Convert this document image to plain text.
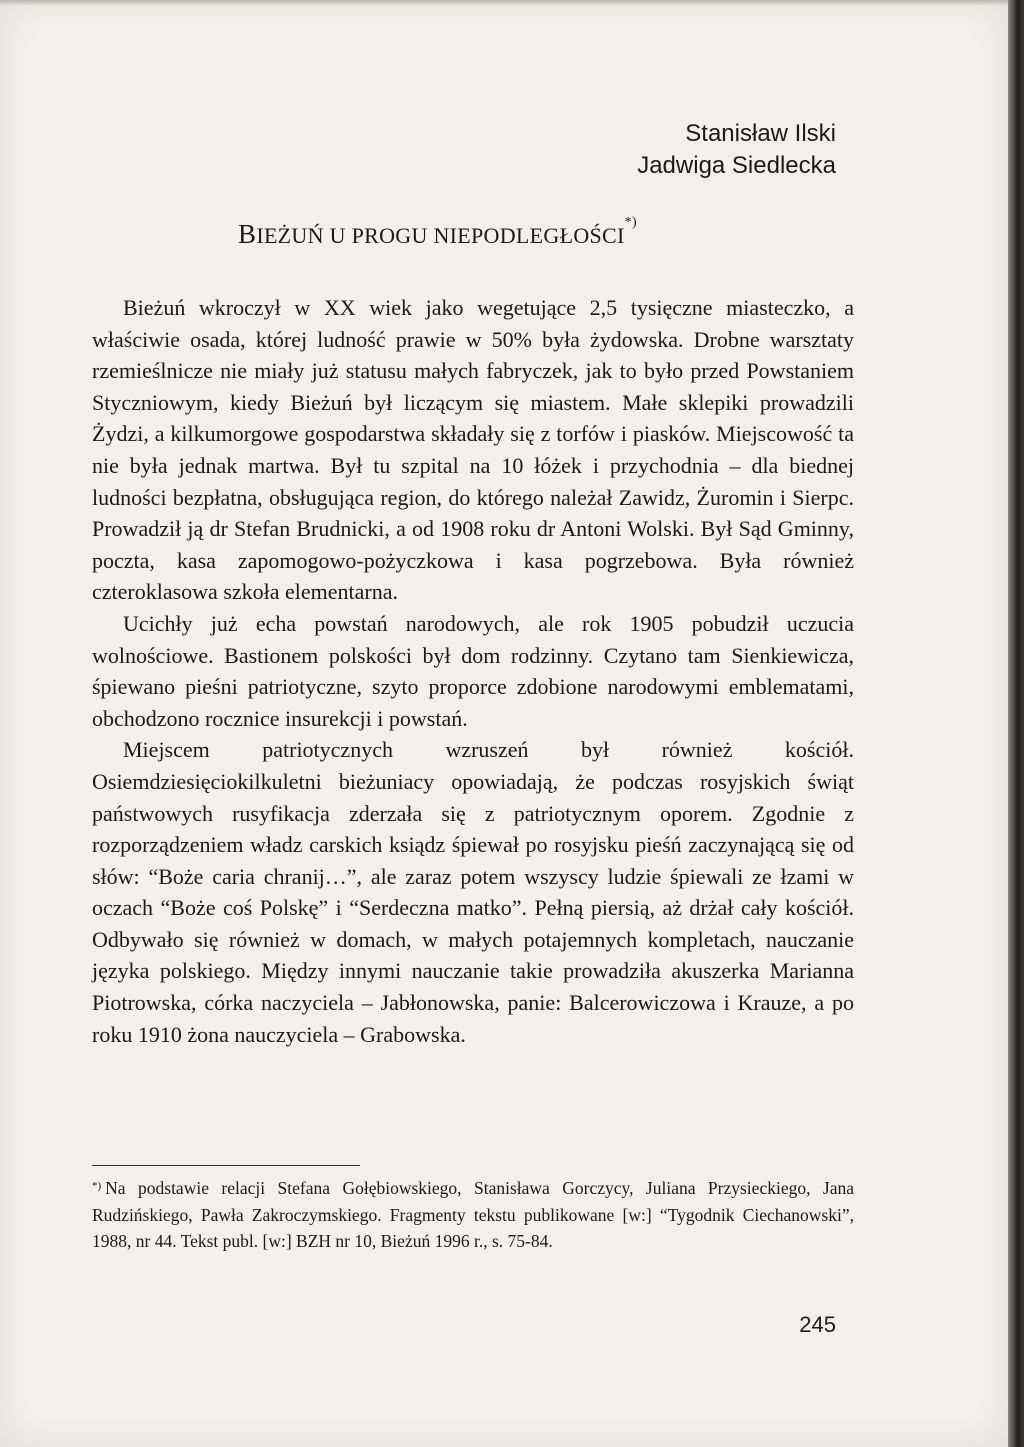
Stanisław Ilski
Jadwiga Siedlecka
BIEŻUŃ U PROGU NIEPODLEGŁOŚCI*)

Bieżuń wkroczył w XX wiek jako wegetujące 2,5 tysięczne miasteczko, a właściwie osada, której ludność prawie w 50% była żydowska. Drobne warsztaty rzemieślnicze nie miały już statusu małych fabryczek, jak to było przed Powstaniem Styczniowym, kiedy Bieżuń był liczącym się miastem. Małe sklepiki prowadzili Żydzi, a kilkumorgowe gospodarstwa składały się z torfów i piasków. Miejscowość ta nie była jednak martwa. Był tu szpital na 10 łóżek i przychodnia – dla biednej ludności bezpłatna, obsługująca region, do którego należał Zawidz, Żuromin i Sierpc. Prowadził ją dr Stefan Brudnicki, a od 1908 roku dr Antoni Wolski. Był Sąd Gminny, poczta, kasa zapomogowo-pożyczkowa i kasa pogrzebowa. Była również czteroklasowa szkoła elementarna.

Ucichły już echa powstań narodowych, ale rok 1905 pobudził uczucia wolnościowe. Bastionem polskości był dom rodzinny. Czytano tam Sienkiewicza, śpiewano pieśni patriotyczne, szyto proporce zdobione narodowymi emblematami, obchodzono rocznice insurekcji i powstań.

Miejscem patriotycznych wzruszeń był również kościół. Osiemdziesięciokilkuletni bieżuniacy opowiadają, że podczas rosyjskich świąt państwowych rusyfikacja zderzała się z patriotycznym oporem. Zgodnie z rozporządzeniem władz carskich ksiądz śpiewał po rosyjsku pieśń zaczynającą się od słów: “Boże caria chranij…”, ale zaraz potem wszyscy ludzie śpiewali ze łzami w oczach “Boże coś Polskę” i “Serdeczna matko”. Pełną piersią, aż drżał cały kościół. Odbywało się również w domach, w małych potajemnych kompletach, nauczanie języka polskiego. Między innymi nauczanie takie prowadziła akuszerka Marianna Piotrowska, córka naczyciela – Jabłonowska, panie: Balcerowiczowa i Krauze, a po roku 1910 żona nauczyciela – Grabowska.

*) Na podstawie relacji Stefana Gołębiowskiego, Stanisława Gorczycy, Juliana Przysieckiego, Jana Rudzińskiego, Pawła Zakroczymskiego. Fragmenty tekstu publikowane [w:] “Tygodnik Ciechanowski”, 1988, nr 44. Tekst publ. [w:] BZH nr 10, Bieżuń 1996 r., s. 75-84.
245
